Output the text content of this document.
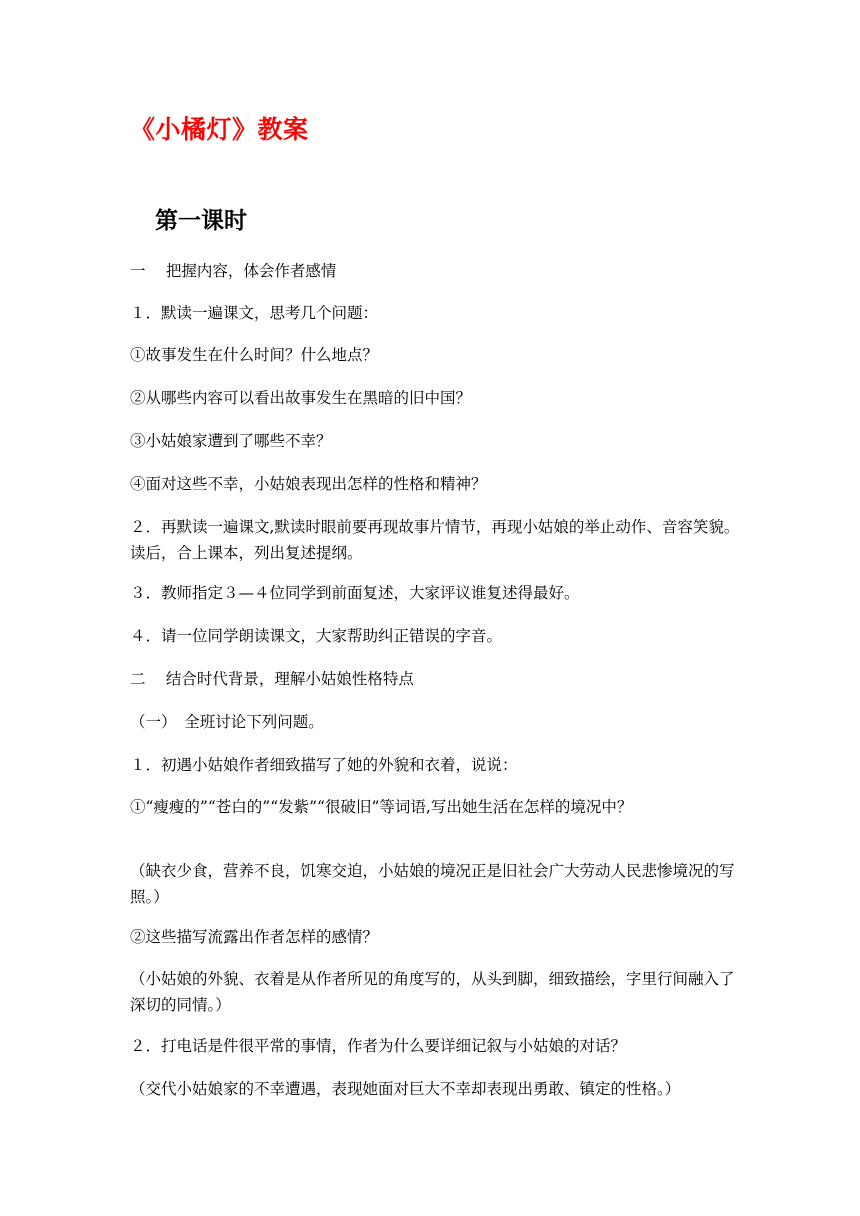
《小橘灯》教案
第一课时

一　 把握内容，体会作者感情

１．默读一遍课文，思考几个问题：

①故事发生在什么时间？什么地点？

②从哪些内容可以看出故事发生在黑暗的旧中国？

③小姑娘家遭到了哪些不幸？

④面对这些不幸，小姑娘表现出怎样的性格和精神？

２．再默读一遍课文,默读时眼前要再现故事片情节，再现小姑娘的举止动作、音容笑貌。读后，合上课本，列出复述提纲。

３．教师指定３—４位同学到前面复述，大家评议谁复述得最好。

４．请一位同学朗读课文，大家帮助纠正错误的字音。

二　 结合时代背景，理解小姑娘性格特点

（一）　全班讨论下列问题。

１．初遇小姑娘作者细致描写了她的外貌和衣着，说说：

①“瘦瘦的”“苍白的”“发紫”“很破旧”等词语,写出她生活在怎样的境况中？

（缺衣少食，营养不良，饥寒交迫，小姑娘的境况正是旧社会广大劳动人民悲惨境况的写照。）

②这些描写流露出作者怎样的感情？

（小姑娘的外貌、衣着是从作者所见的角度写的，从头到脚，细致描绘，字里行间融入了深切的同情。）

２．打电话是件很平常的事情，作者为什么要详细记叙与小姑娘的对话？

（交代小姑娘家的不幸遭遇，表现她面对巨大不幸却表现出勇敢、镇定的性格。）
